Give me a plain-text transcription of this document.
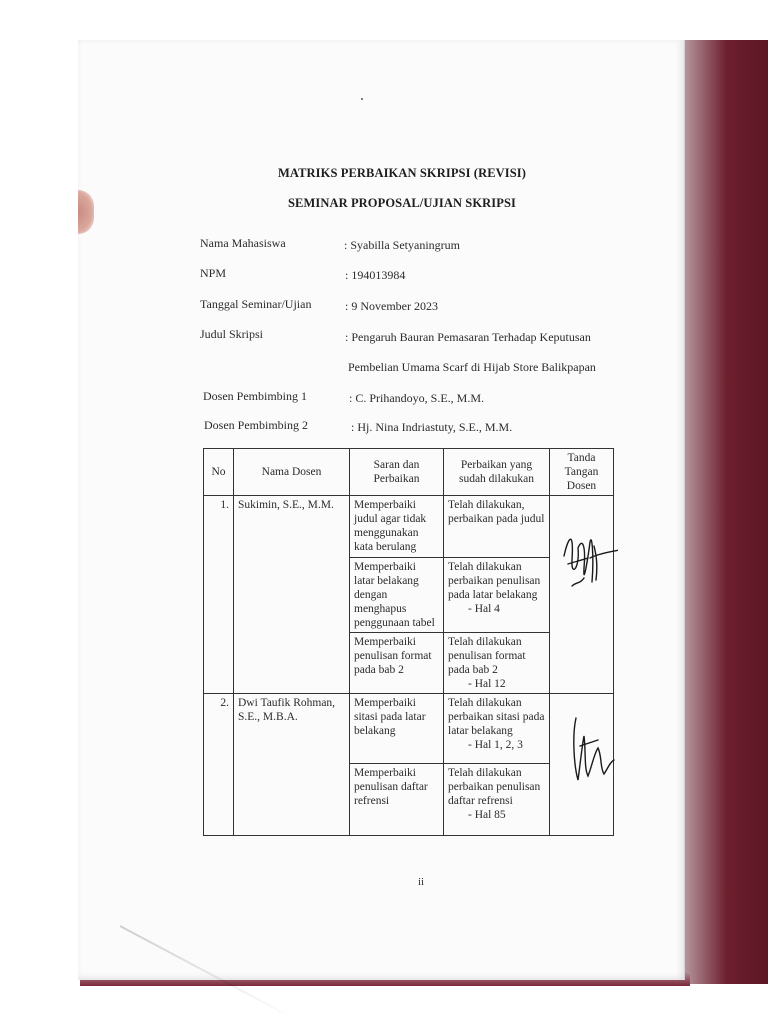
MATRIKS PERBAIKAN SKRIPSI (REVISI)
SEMINAR PROPOSAL/UJIAN SKRIPSI
Nama Mahasiswa	: Syabilla Setyaningrum
NPM	: 194013984
Tanggal Seminar/Ujian	: 9 November 2023
Judul Skripsi	: Pengaruh Bauran Pemasaran Terhadap Keputusan
Pembelian Umama Scarf di Hijab Store Balikpapan
Dosen Pembimbing 1	: C. Prihandoyo, S.E., M.M.
Dosen Pembimbing 2	: Hj. Nina Indriastuty, S.E., M.M.
No	Nama Dosen	Saran dan Perbaikan	Perbaikan yang sudah dilakukan	Tanda Tangan Dosen
1.	Sukimin, S.E., M.M.	Memperbaiki judul agar tidak menggunakan kata berulang	Telah dilakukan, perbaikan pada judul

		Memperbaiki latar belakang dengan menghapus penggunaan tabel	Telah dilakukan perbaikan penulisan pada latar belakang
- Hal 4	

		Memperbaiki penulisan format pada bab 2	Telah dilakukan penulisan format pada bab 2
- Hal 12	

2.	Dwi Taufik Rohman, S.E., M.B.A.	Memperbaiki sitasi pada latar belakang	Telah dilakukan perbaikan sitasi pada latar belakang
- Hal 1, 2, 3

		Memperbaiki penulisan daftar refrensi	Telah dilakukan perbaikan penulisan daftar refrensi
- Hal 85	
ii
